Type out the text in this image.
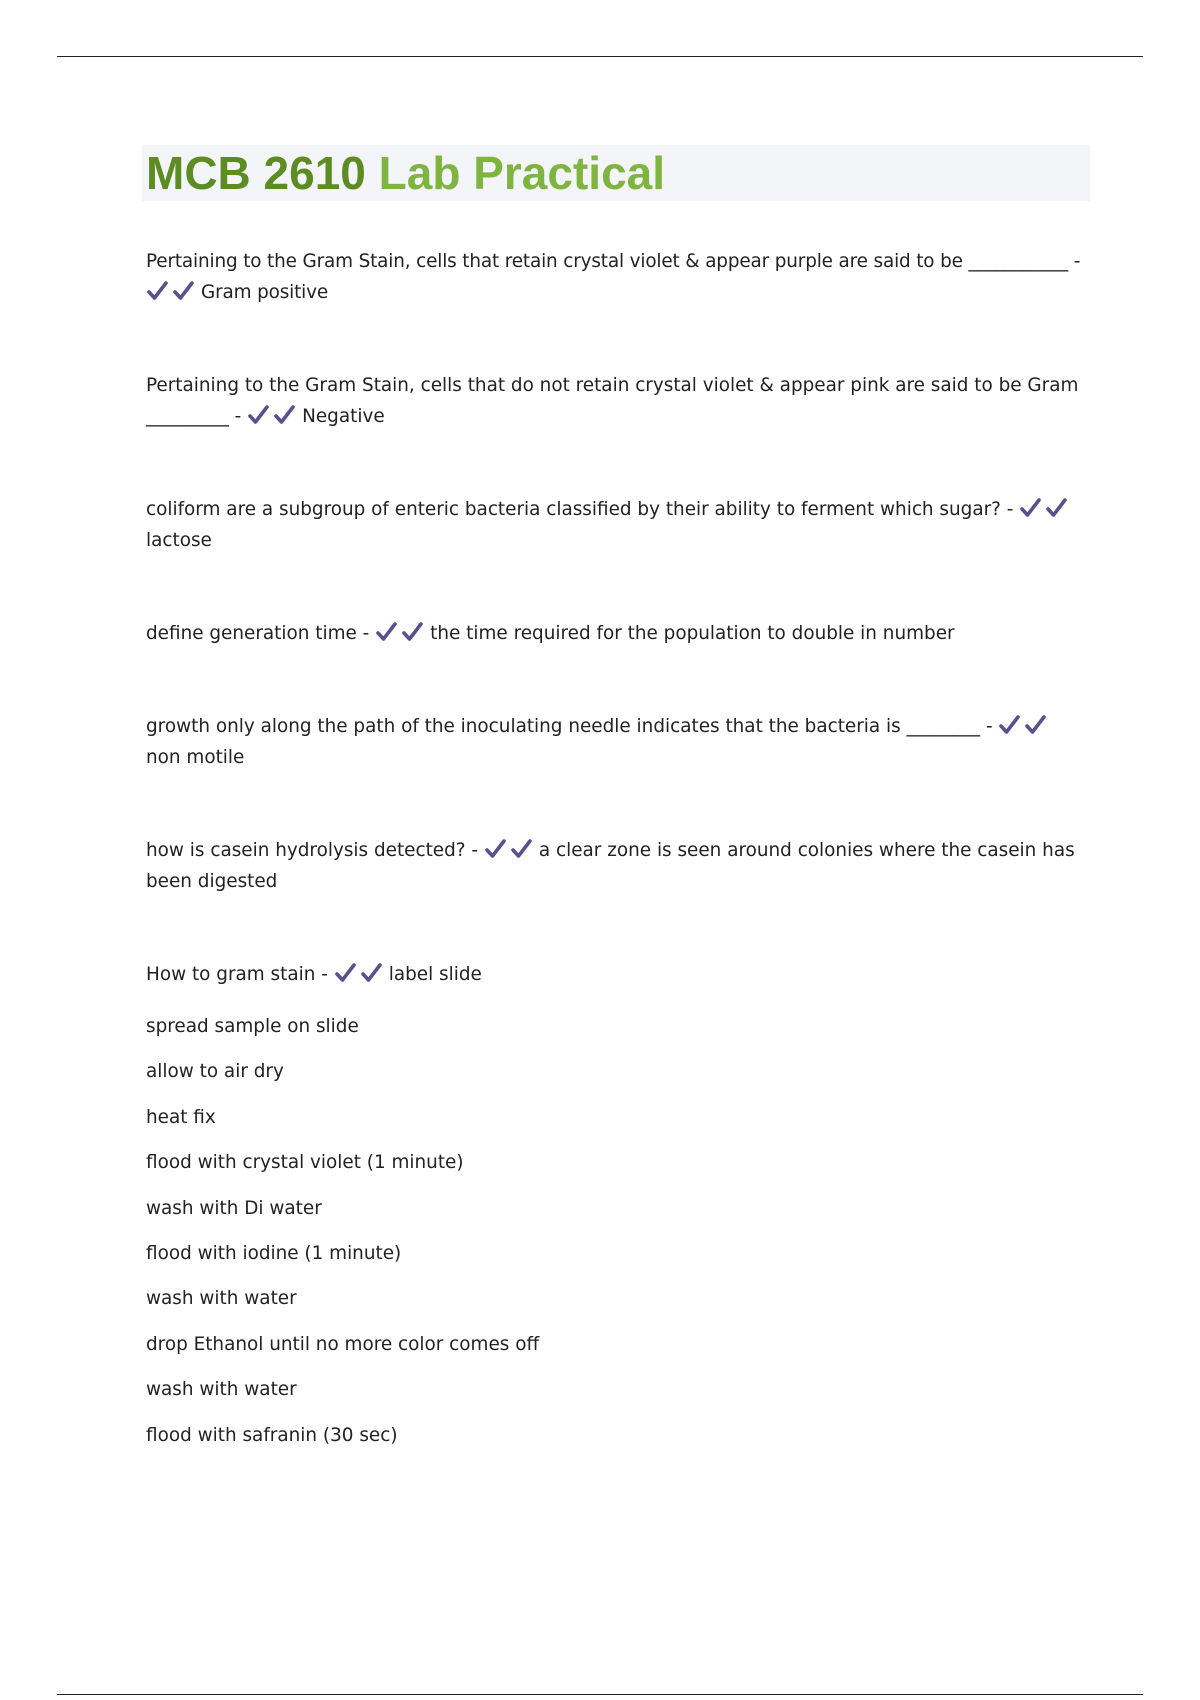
MCB 2610 Lab Practical

Pertaining to the Gram Stain, cells that retain crystal violet & appear purple are said to be ___________ -
Gram positive

Pertaining to the Gram Stain, cells that do not retain crystal violet & appear pink are said to be Gram _________ -	Negative

coliform are a subgroup of enteric bacteria classified by their ability to ferment which sugar? -
lactose

define generation time -	the time required for the population to double in number

growth only along the path of the inoculating needle indicates that the bacteria is ________ -
non motile

how is casein hydrolysis detected? -	a clear zone is seen around colonies where the casein has been digested

How to gram stain -	label slide
spread sample on slide
allow to air dry
heat fix
flood with crystal violet (1 minute)
wash with Di water
flood with iodine (1 minute)
wash with water
drop Ethanol until no more color comes off
wash with water
flood with safranin (30 sec)
